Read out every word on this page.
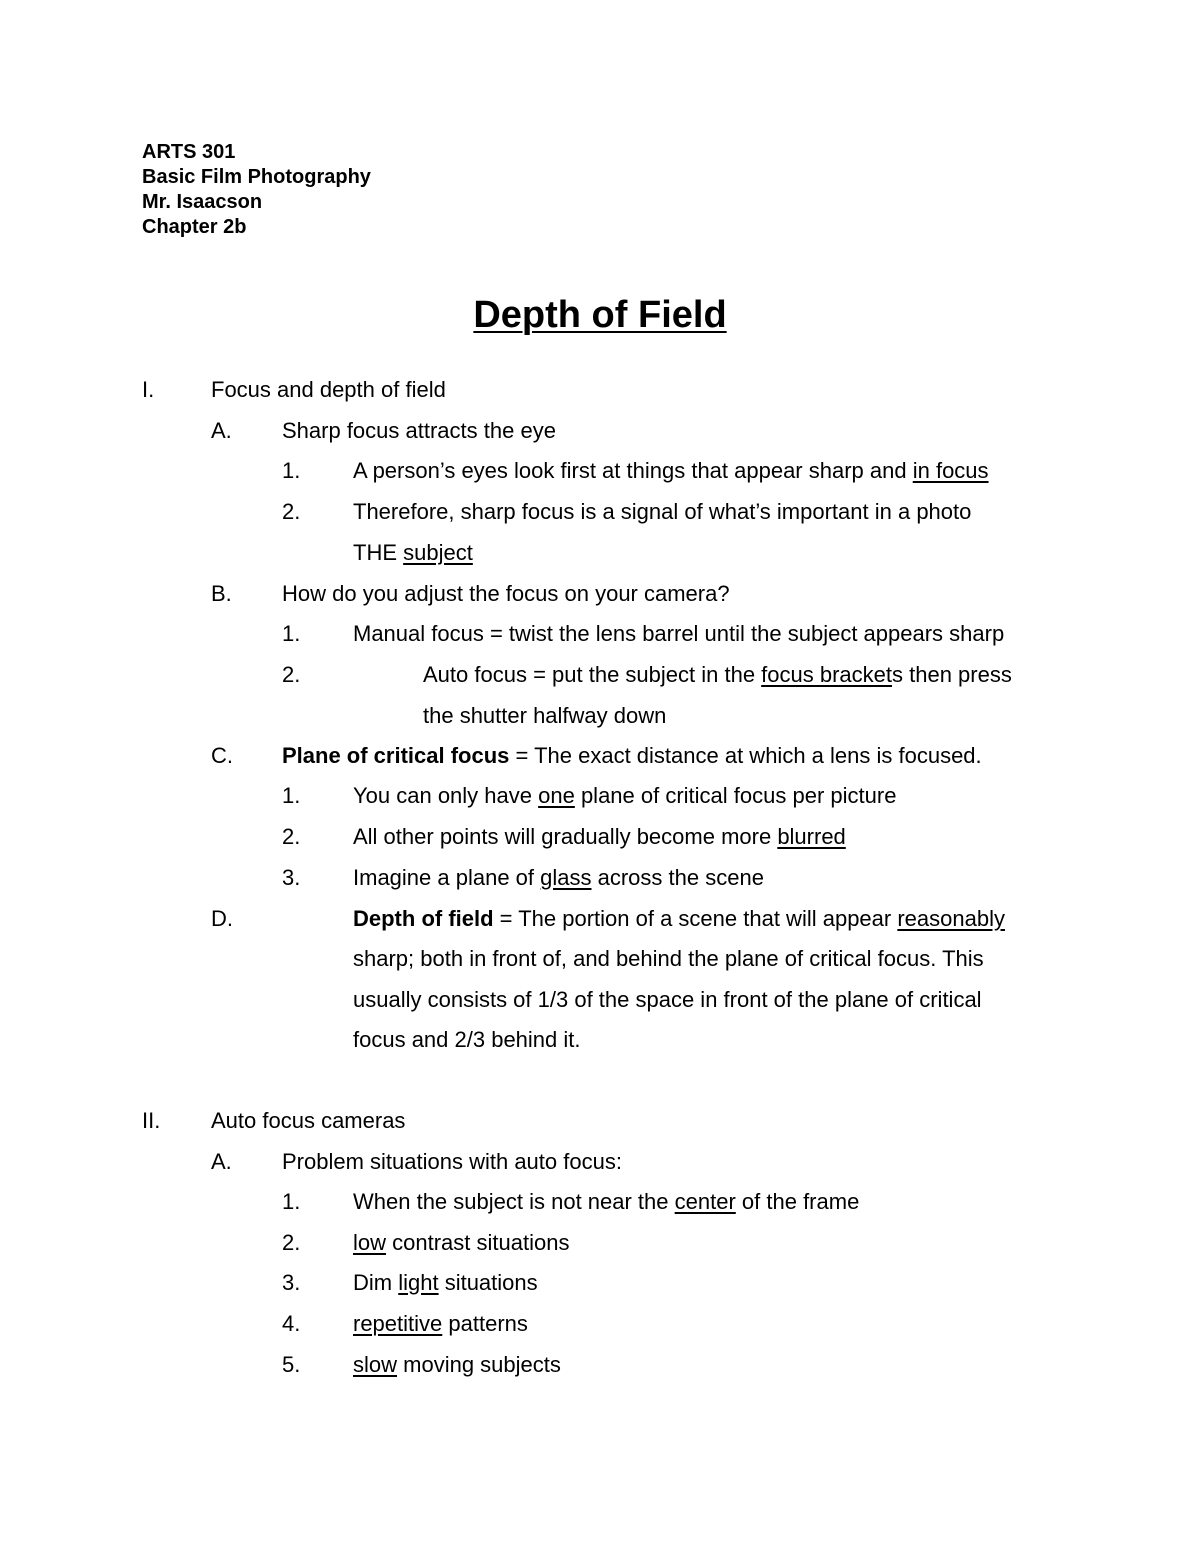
ARTS 301
Basic Film Photography
Mr. Isaacson
Chapter 2b
Depth of Field
I.	Focus and depth of field
A. Sharp focus attracts the eye
1. A person’s eyes look first at things that appear sharp and in focus
2. Therefore, sharp focus is a signal of what’s important in a photo
THE subject
B. How do you adjust the focus on your camera?
1. Manual focus = twist the lens barrel until the subject appears sharp
2.	Auto focus = put the subject in the focus brackets then press
the shutter halfway down
C. Plane of critical focus = The exact distance at which a lens is focused.
1. You can only have one plane of critical focus per picture
2. All other points will gradually become more blurred
3. Imagine a plane of glass across the scene
D.	Depth of field = The portion of a scene that will appear reasonably
sharp; both in front of, and behind the plane of critical focus. This
usually consists of 1/3 of the space in front of the plane of critical
focus and 2/3 behind it.
II. Auto focus cameras
A. Problem situations with auto focus:
1. When the subject is not near the center of the frame
2. low contrast situations
3. Dim light situations
4. repetitive patterns
5. slow moving subjects
